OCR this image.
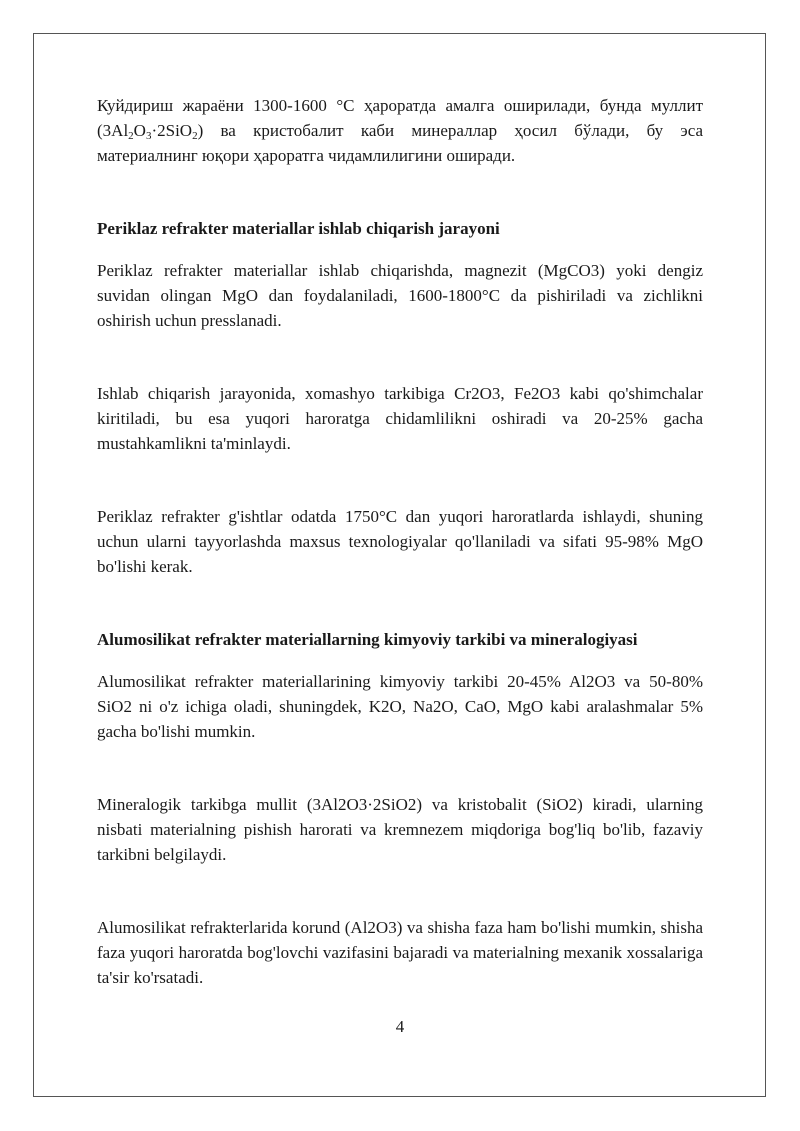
Куйдириш жараёни 1300-1600 °C ҳароратда амалга оширилади, бунда муллит $(3Al_2O_3\cdot 2SiO_2)$ ва кристобалит каби минераллар ҳосил бўлади, бу эса материалнинг юқори ҳароратга чидамлилигини оширади.

Periklaz refrakter materiallar ishlab chiqarish jarayoni

Periklaz refrakter materiallar ishlab chiqarishda, magnezit (MgCO3) yoki dengiz suvidan olingan MgO dan foydalaniladi, 1600-1800°C da pishiriladi va zichlikni oshirish uchun presslanadi.

Ishlab chiqarish jarayonida, xomashyo tarkibiga Cr2O3, Fe2O3 kabi qo'shimchalar kiritiladi, bu esa yuqori haroratga chidamlilikni oshiradi va 20-25% gacha mustahkamlikni ta'minlaydi.

Periklaz refrakter g'ishtlar odatda 1750°C dan yuqori haroratlarda ishlaydi, shuning uchun ularni tayyorlashda maxsus texnologiyalar qo'llaniladi va sifati 95-98% MgO bo'lishi kerak.

Alumosilikat refrakter materiallarning kimyoviy tarkibi va mineralogiyasi

Alumosilikat refrakter materiallarining kimyoviy tarkibi 20-45% Al2O3 va 50-80% SiO2 ni o'z ichiga oladi, shuningdek, K2O, Na2O, CaO, MgO kabi aralashmalar 5% gacha bo'lishi mumkin.

Mineralogik tarkibga mullit (3Al2O3·2SiO2) va kristobalit (SiO2) kiradi, ularning nisbati materialning pishish harorati va kremnezem miqdoriga bog'liq bo'lib, fazaviy tarkibni belgilaydi.

Alumosilikat refrakterlarida korund (Al2O3) va shisha faza ham bo'lishi mumkin, shisha faza yuqori haroratda bog'lovchi vazifasini bajaradi va materialning mexanik xossalariga ta'sir ko'rsatadi.

4
